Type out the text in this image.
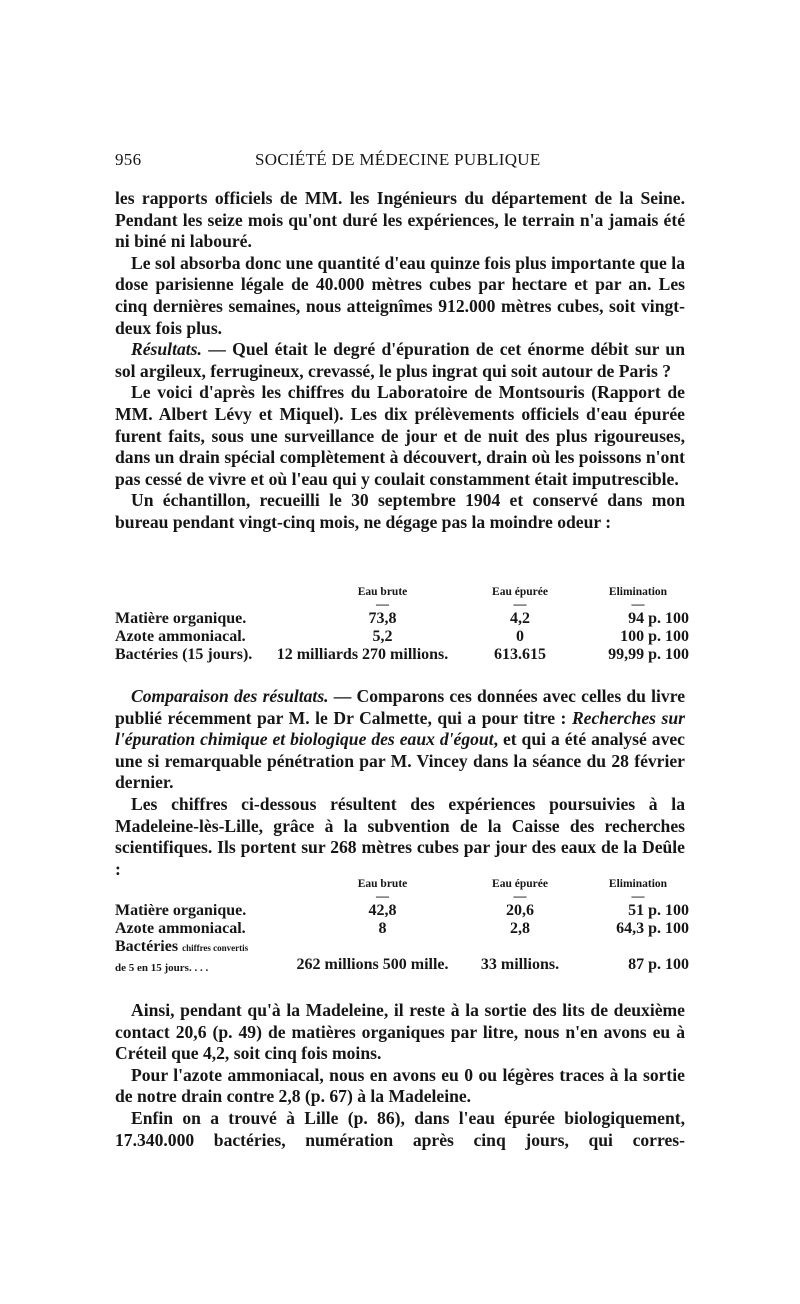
956	SOCIÉTÉ DE MÉDECINE PUBLIQUE

les rapports officiels de MM. les Ingénieurs du département de la Seine. Pendant les seize mois qu'ont duré les expériences, le terrain n'a jamais été ni biné ni labouré.

Le sol absorba donc une quantité d'eau quinze fois plus importante que la dose parisienne légale de 40.000 mètres cubes par hectare et par an. Les cinq dernières semaines, nous atteignîmes 912.000 mètres cubes, soit vingt-deux fois plus.

Résultats. — Quel était le degré d'épuration de cet énorme débit sur un sol argileux, ferrugineux, crevassé, le plus ingrat qui soit autour de Paris ?

Le voici d'après les chiffres du Laboratoire de Montsouris (Rapport de MM. Albert Lévy et Miquel). Les dix prélèvements officiels d'eau épurée furent faits, sous une surveillance de jour et de nuit des plus rigoureuses, dans un drain spécial complètement à découvert, drain où les poissons n'ont pas cessé de vivre et où l'eau qui y coulait constamment était imputrescible.

Un échantillon, recueilli le 30 septembre 1904 et conservé dans mon bureau pendant vingt-cinq mois, ne dégage pas la moindre odeur :

	Eau brute	Eau épurée	Elimination
	—	—	—
Matière organique.	73,8	4,2	94 p. 100
Azote ammoniacal.	5,2	0	100 p. 100
Bactéries (15 jours).	12 milliards 270 millions.	613.615	99,99 p. 100

Comparaison des résultats. — Comparons ces données avec celles du livre publié récemment par M. le Dr Calmette, qui a pour titre : Recherches sur l'épuration chimique et biologique des eaux d'égout, et qui a été analysé avec une si remarquable pénétration par M. Vincey dans la séance du 28 février dernier.

Les chiffres ci-dessous résultent des expériences poursuivies à la Madeleine-lès-Lille, grâce à la subvention de la Caisse des recherches scientifiques. Ils portent sur 268 mètres cubes par jour des eaux de la Deûle :

	Eau brute	Eau épurée	Elimination
	—	—	—
Matière organique.	42,8	20,6	51 p. 100
Azote ammoniacal.	8	2,8	64,3 p. 100
Bactéries chiffres convertis			
de 5 en 15 jours. . . .	262 millions 500 mille.	33 millions.	87 p. 100

Ainsi, pendant qu'à la Madeleine, il reste à la sortie des lits de deuxième contact 20,6 (p. 49) de matières organiques par litre, nous n'en avons eu à Créteil que 4,2, soit cinq fois moins.

Pour l'azote ammoniacal, nous en avons eu 0 ou légères traces à la sortie de notre drain contre 2,8 (p. 67) à la Madeleine.

Enfin on a trouvé à Lille (p. 86), dans l'eau épurée biologiquement, 17.340.000 bactéries, numération après cinq jours, qui corres-
